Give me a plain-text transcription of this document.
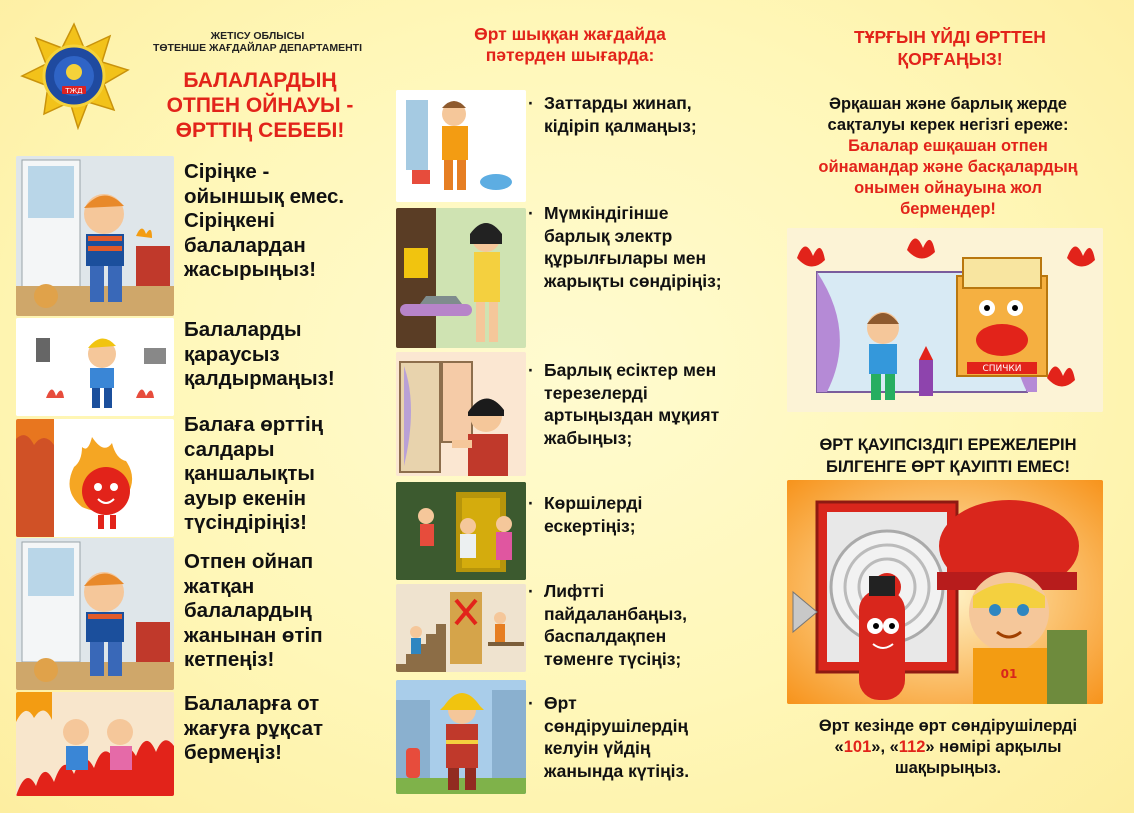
ТЖД
ЖЕТІСУ ОБЛЫСЫ
ТӨТЕНШЕ ЖАҒДАЙЛАР ДЕПАРТАМЕНТІ
БАЛАЛАРДЫҢ
ОТПЕН ОЙНАУЫ -
ӨРТТІҢ СЕБЕБІ!
Сіріңке -
ойыншық емес.
Сіріңкені
балалардан
жасырыңыз!
Балаларды
қараусыз
қалдырмаңыз!
Балаға өрттің
салдары
қаншалықты
ауыр екенін
түсіндіріңіз!
Отпен ойнап
жатқан
балалардың
жанынан өтіп
кетпеңіз!
Балаларға от
жағуға рұқсат
бермеңіз!
Өрт шыққан жағдайда
пәтерден шығарда:
· Заттарды жинап,
кідіріп қалмаңыз;
· Мүмкіндігінше
барлық электр
құрылғылары мен
жарықты сөндіріңіз;
· Барлық есіктер мен
терезелерді
артыңыздан мұқият
жабыңыз;
· Көршілерді
ескертіңіз;
· Лифтті
пайдаланбаңыз,
баспалдақпен
төменге түсіңіз;
· Өрт
сөндірушілердің
келуін үйдің
жанында күтіңіз.
ТҰРҒЫН ҮЙДІ ӨРТТЕН
ҚОРҒАҢЫЗ!
Әрқашан және барлық жерде
сақталуы керек негізгі ереже:
Балалар ешқашан отпен
ойнамандар және басқалардың
онымен ойнауына жол
бермендер!
СПИЧКИ
ӨРТ ҚАУІПСІЗДІГІ ЕРЕЖЕЛЕРІН
БІЛГЕНГЕ ӨРТ ҚАУІПТІ ЕМЕС!
01
Өрт кезінде өрт сөндірушілерді
«101», «112» нөмірі арқылы
шақырыңыз.
